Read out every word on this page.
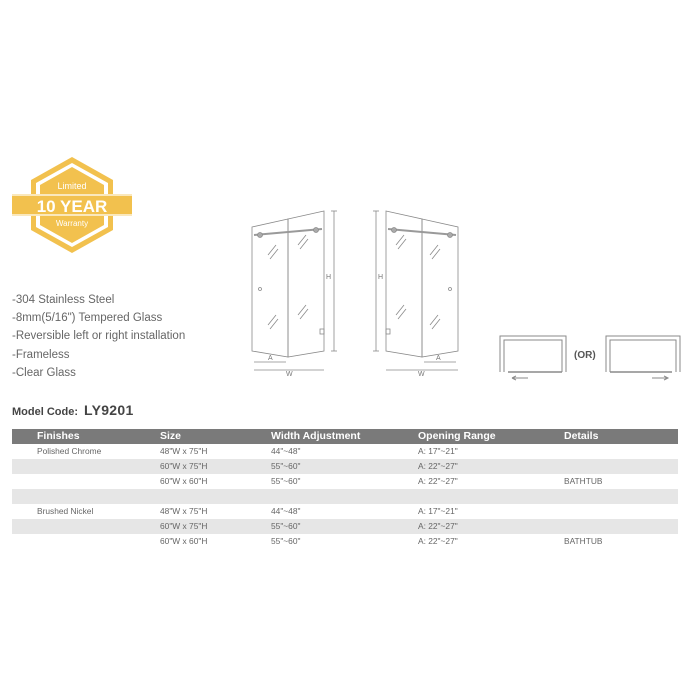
Limited
10 YEAR
Warranty
-304 Stainless Steel
-8mm(5/16") Tempered Glass
-Reversible left or right installation
-Frameless
-Clear Glass
H
A
W
H
A
W
(OR)
Model Code: LY9201
Finishes	Size	Width Adjustment	Opening Range	Details
Polished Chrome	48"W x 75"H	44"~48"	A: 17"~21"	
	60"W x 75"H	55"~60"	A: 22"~27"	
	60"W x 60"H	55"~60"	A: 22"~27"	BATHTUB

Brushed Nickel	48"W x 75"H	44"~48"	A: 17"~21"	
	60"W x 75"H	55"~60"	A: 22"~27"	
	60"W x 60"H	55"~60"	A: 22"~27"	BATHTUB
